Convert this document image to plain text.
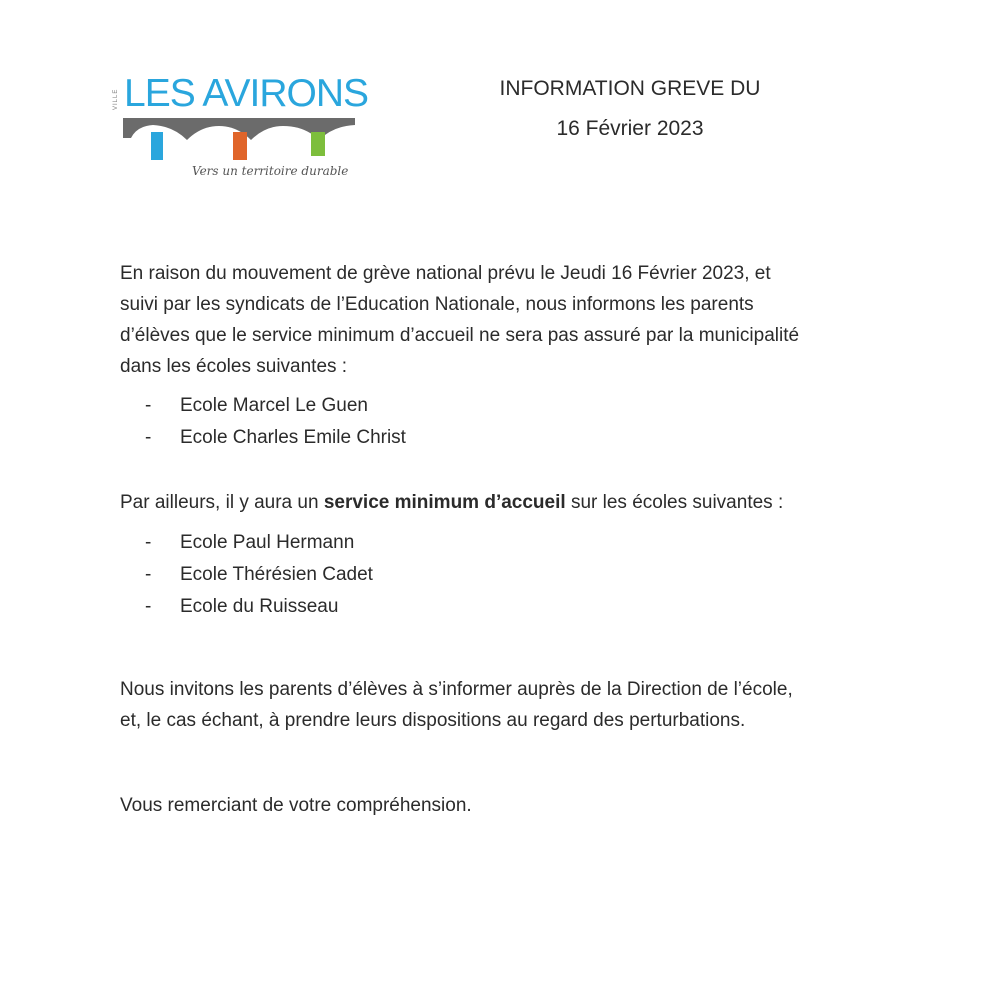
VILLE LES AVIRONS
Vers un territoire durable
INFORMATION GREVE DU
16 Février 2023

En raison du mouvement de grève national prévu le Jeudi 16 Février 2023, et
suivi par les syndicats de l’Education Nationale, nous informons les parents
d’élèves que le service minimum d’accueil ne sera pas assuré par la municipalité
dans les écoles suivantes :

- Ecole Marcel Le Guen
- Ecole Charles Emile Christ

Par ailleurs, il y aura un service minimum d’accueil sur les écoles suivantes :

- Ecole Paul Hermann
- Ecole Thérésien Cadet
- Ecole du Ruisseau

Nous invitons les parents d’élèves à s’informer auprès de la Direction de l’école,
et, le cas échant, à prendre leurs dispositions au regard des perturbations.

Vous remerciant de votre compréhension.
